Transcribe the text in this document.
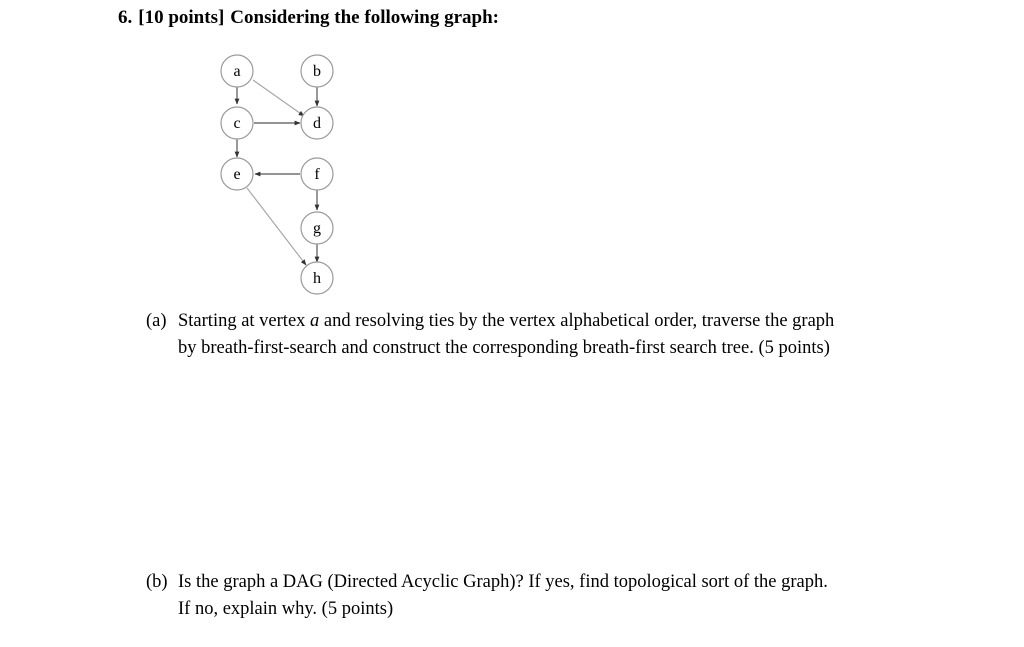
6. [10 points] Considering the following graph:
a	b
c	d
e	f
g
h
(a) Starting at vertex a and resolving ties by the vertex alphabetical order, traverse the graph
by breath-first-search and construct the corresponding breath-first search tree. (5 points)
(b) Is the graph a DAG (Directed Acyclic Graph)? If yes, find topological sort of the graph.
If no, explain why. (5 points)
